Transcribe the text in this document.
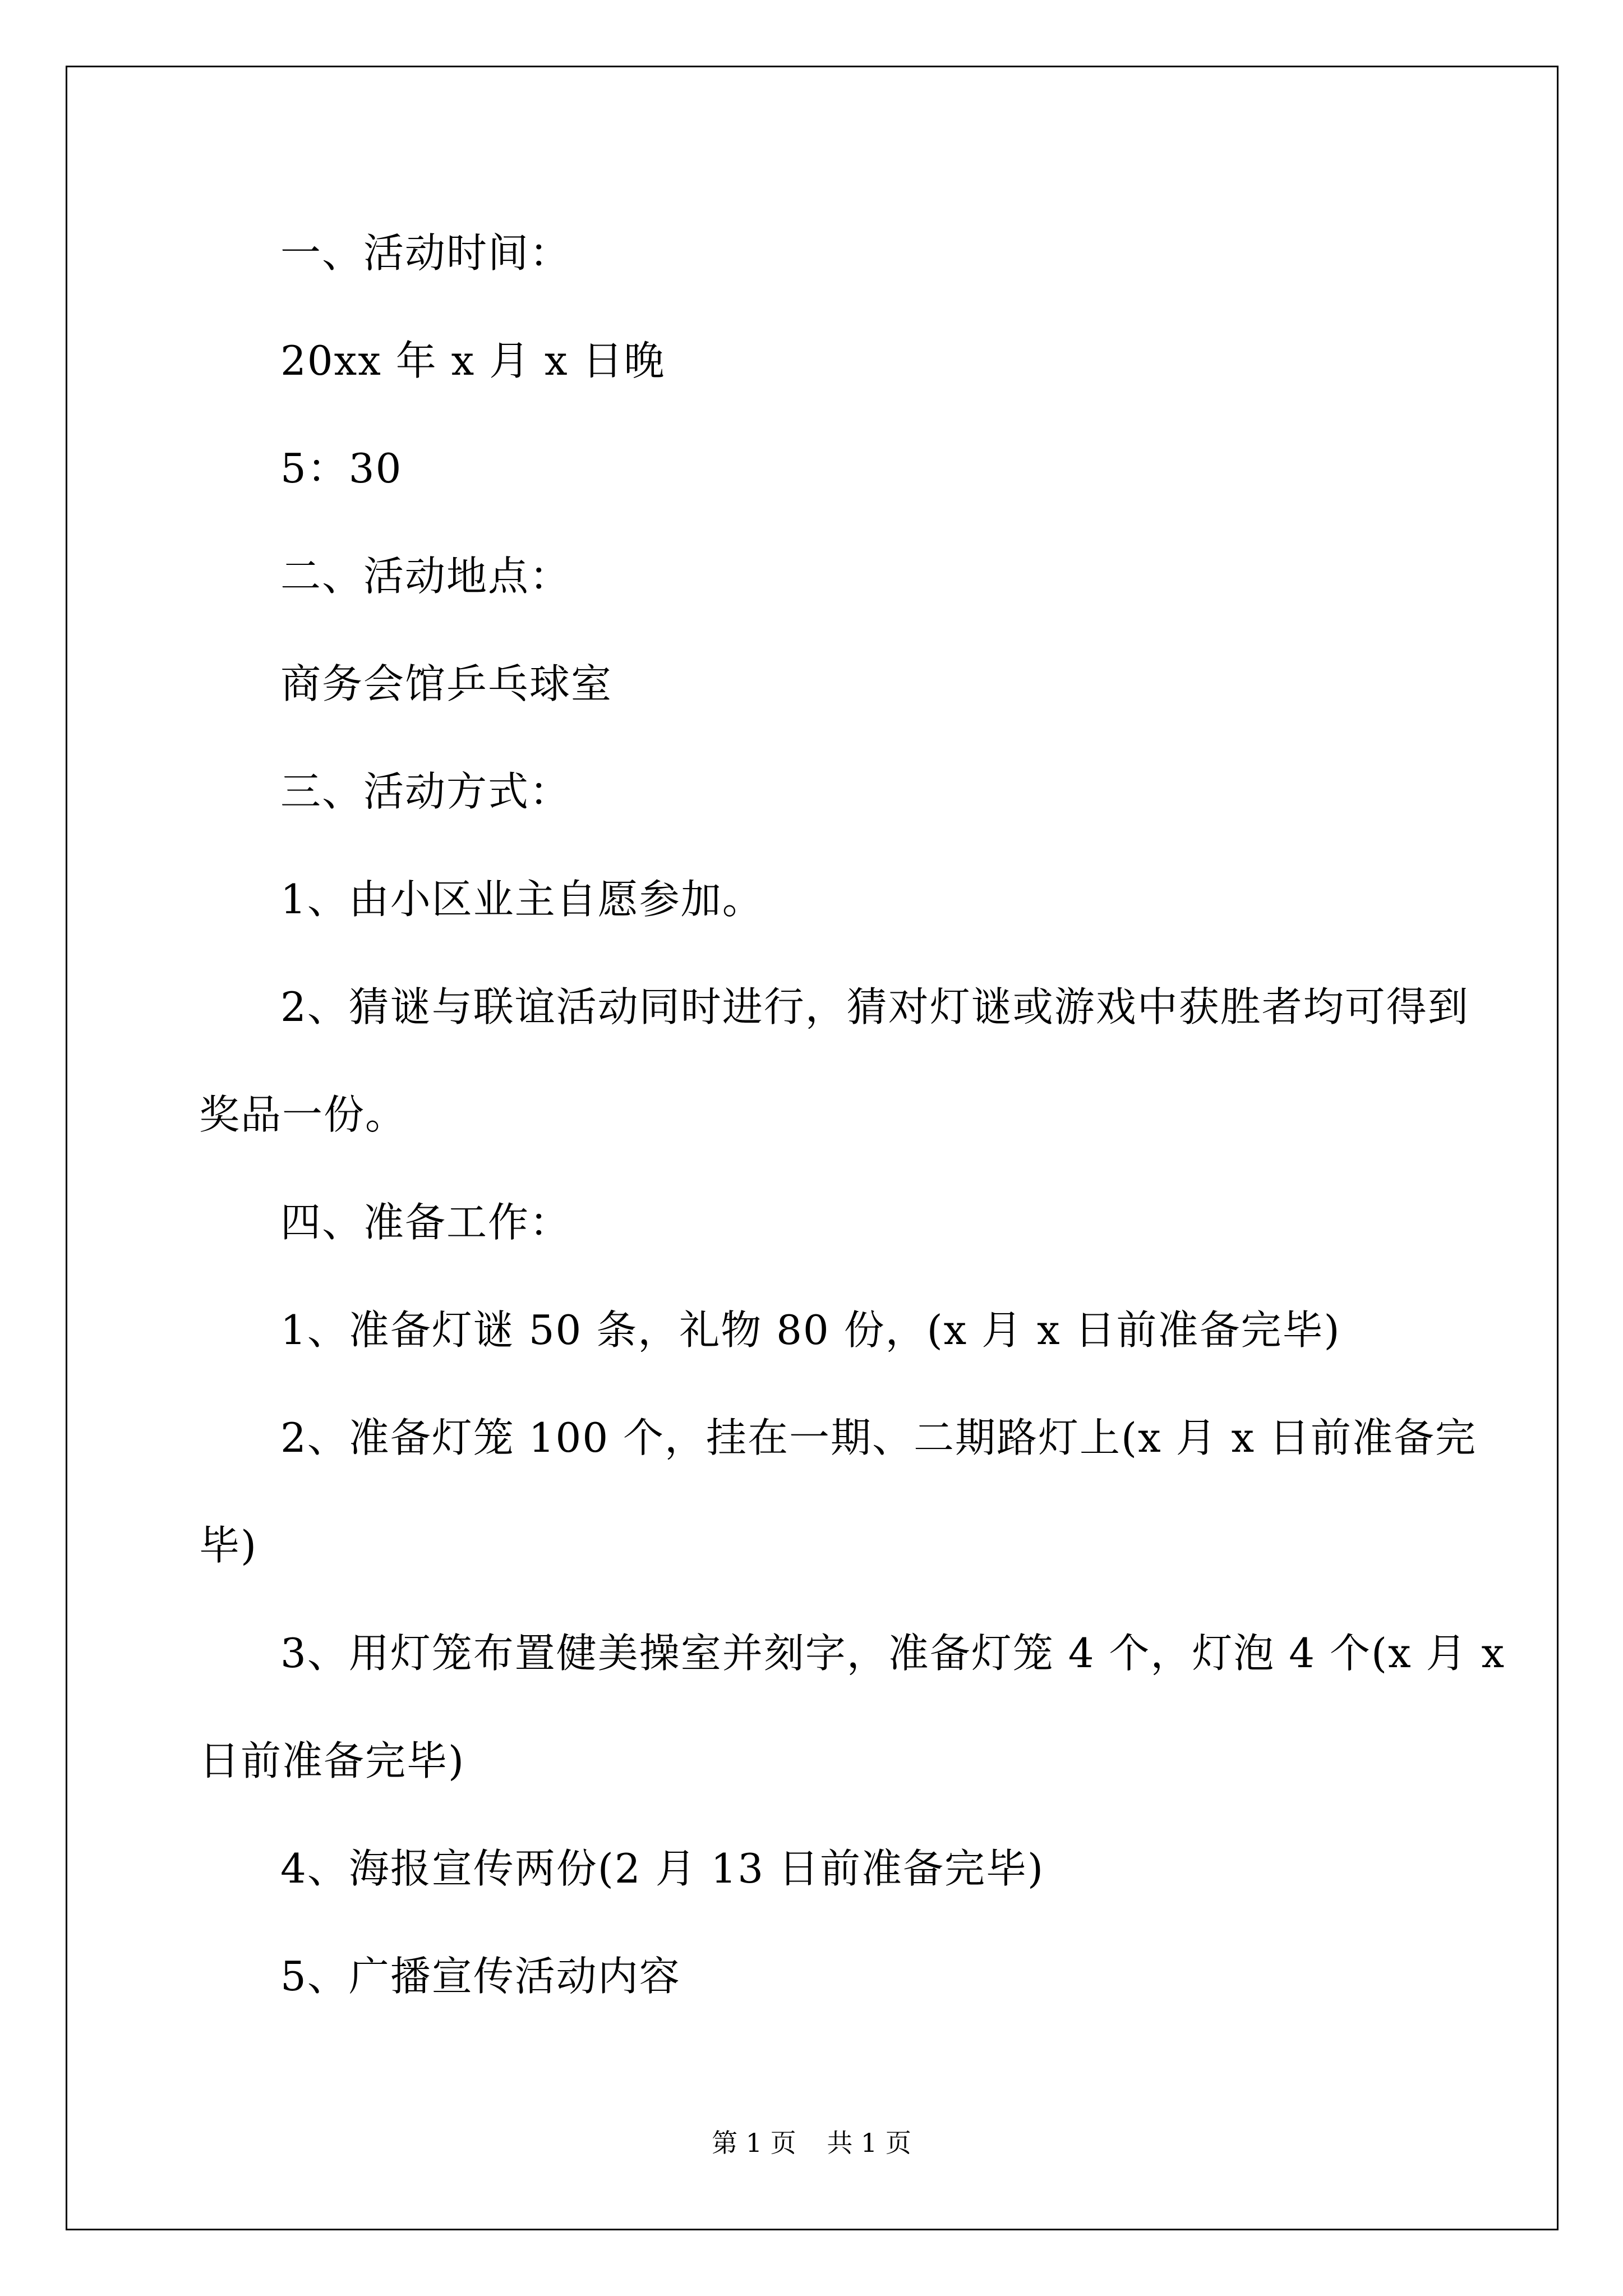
一、活动时间：
20xx 年 x 月 x 日晚
5：30
二、活动地点：
商务会馆乒乓球室
三、活动方式：
1、由小区业主自愿参加。
2、猜谜与联谊活动同时进行，猜对灯谜或游戏中获胜者均可得到
奖品一份。
四、准备工作：
1、准备灯谜 50 条，礼物 80 份，(x 月 x 日前准备完毕)
2、准备灯笼 100 个，挂在一期、二期路灯上(x 月 x 日前准备完
毕)
3、用灯笼布置健美操室并刻字，准备灯笼 4 个，灯泡 4 个(x 月 x
日前准备完毕)
4、海报宣传两份(2 月 13 日前准备完毕)
5、广播宣传活动内容
第 1 页 共 1 页
